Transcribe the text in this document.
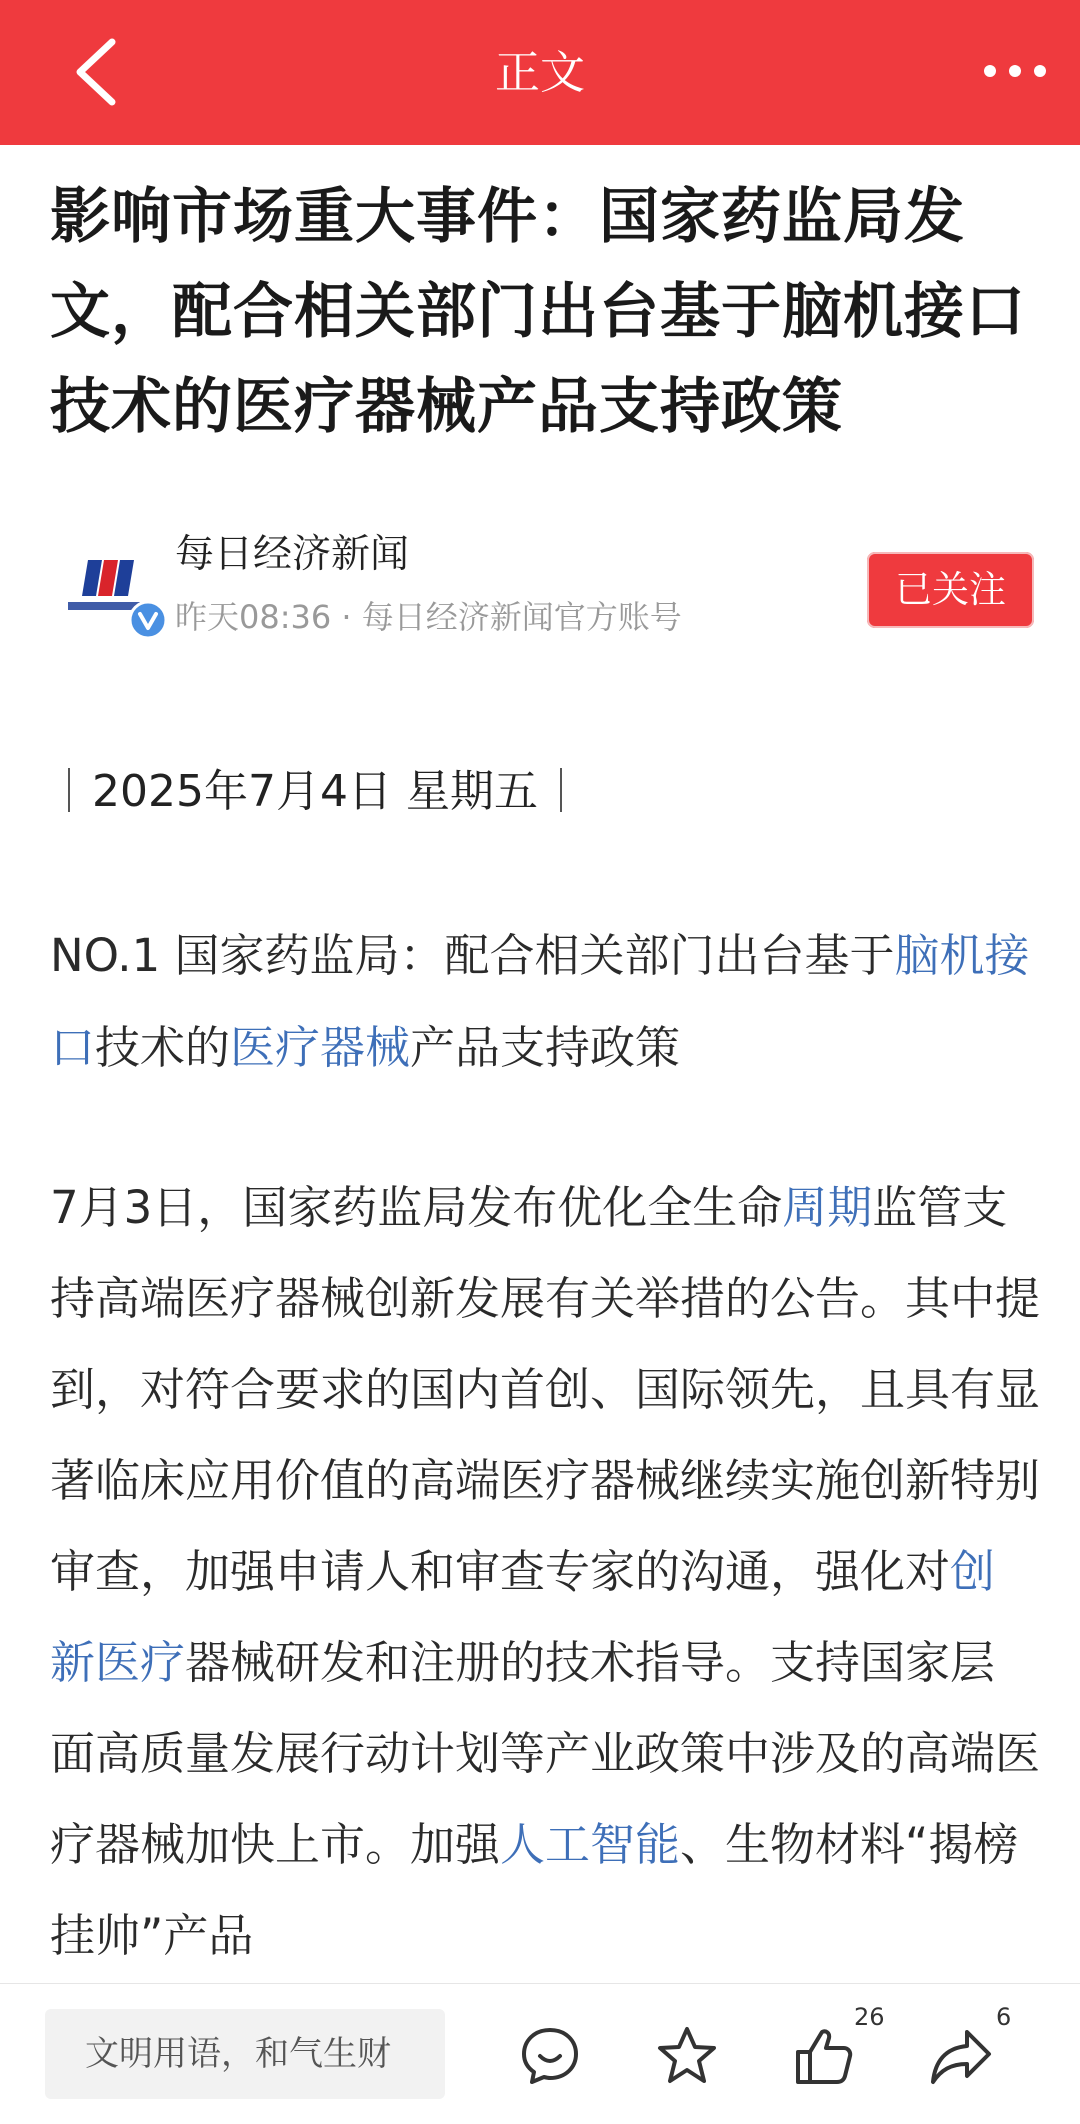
正文
影响市场重大事件：国家药监局发文，配合相关部门出台基于脑机接口技术的医疗器械产品支持政策
每日经济新闻
昨天08:36 · 每日经济新闻官方账号
已关注
2025年7月4日 星期五

NO.1 国家药监局：配合相关部门出台基于脑机接口技术的医疗器械产品支持政策

7月3日，国家药监局发布优化全生命周期监管支持高端医疗器械创新发展有关举措的公告。其中提到，对符合要求的国内首创、国际领先，且具有显著临床应用价值的高端医疗器械继续实施创新特别审查，加强申请人和审查专家的沟通，强化对创新医疗器械研发和注册的技术指导。支持国家层面高质量发展行动计划等产业政策中涉及的高端医疗器械加快上市。加强人工智能、生物材料“揭榜挂帅”产品

文明用语，和气生财
26	6
